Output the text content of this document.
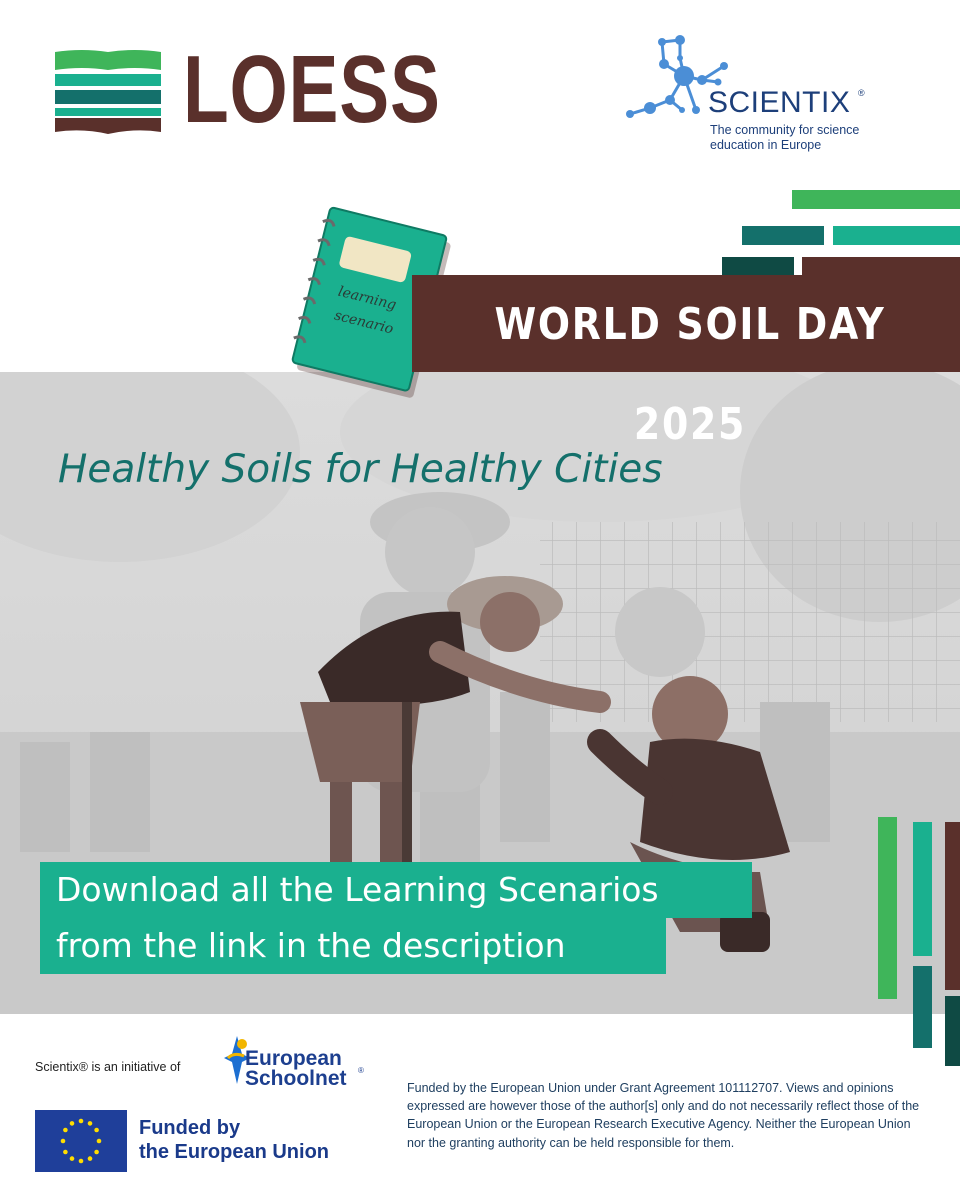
LOESS	SCIENTIX ®
The community for science education in Europe
learning
scenario	WORLD SOIL DAY 2025
Healthy Soils for Healthy Cities
Download all the Learning Scenarios
from the link in the description
Scientix® is an initiative of	European
Schoolnet ®
Funded by
the European Union
Funded by the European Union under Grant Agreement 101112707. Views and opinions expressed are however those of the author[s] only and do not necessarily reflect those of the European Union or the European Research Executive Agency. Neither the European Union nor the granting authority can be held responsible for them.
